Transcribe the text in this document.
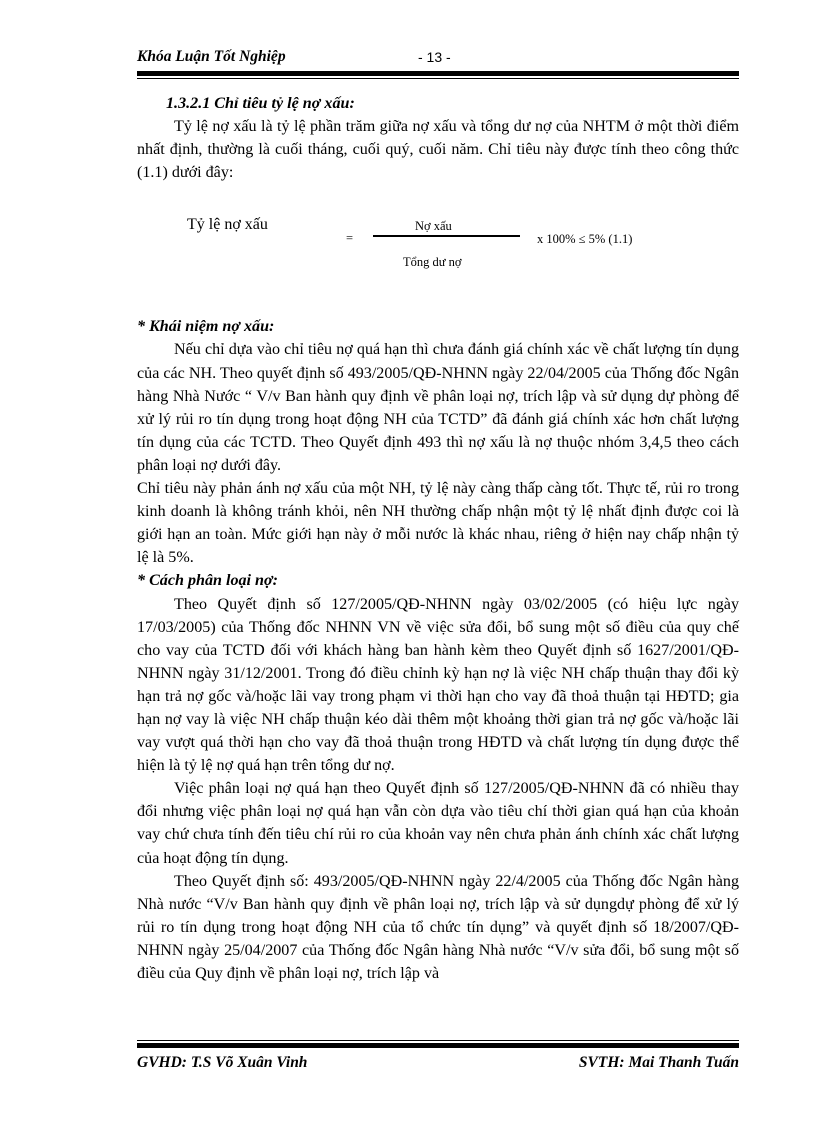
Khóa Luận Tốt Nghiệp	- 13 -
1.3.2.1 Chỉ tiêu tỷ lệ nợ xấu:

Tỷ lệ nợ xấu là tỷ lệ phần trăm giữa nợ xấu và tổng dư nợ của NHTM ở một thời điểm nhất định, thường là cuối tháng, cuối quý, cuối năm. Chỉ tiêu này được tính theo công thức (1.1) dưới đây:

Tỷ lệ nợ xấu
=
Nợ xấu
Tổng dư nợ
x 100% ≤ 5% (1.1)
* Khái niệm nợ xấu:

Nếu chỉ dựa vào chỉ tiêu nợ quá hạn thì chưa đánh giá chính xác về chất lượng tín dụng của các NH. Theo quyết định số 493/2005/QĐ-NHNN ngày 22/04/2005 của Thống đốc Ngân hàng Nhà Nước “ V/v Ban hành quy định về phân loại nợ, trích lập và sử dụng dự phòng để xử lý rủi ro tín dụng trong hoạt động NH của TCTD” đã đánh giá chính xác hơn chất lượng tín dụng của các TCTD. Theo Quyết định 493 thì nợ xấu là nợ thuộc nhóm 3,4,5 theo cách phân loại nợ dưới đây.

Chỉ tiêu này phản ánh nợ xấu của một NH, tỷ lệ này càng thấp càng tốt. Thực tế, rủi ro trong kinh doanh là không tránh khỏi, nên NH thường chấp nhận một tỷ lệ nhất định được coi là giới hạn an toàn. Mức giới hạn này ở mỗi nước là khác nhau, riêng ở hiện nay chấp nhận tỷ lệ là 5%.

* Cách phân loại nợ:

Theo Quyết định số 127/2005/QĐ-NHNN ngày 03/02/2005 (có hiệu lực ngày 17/03/2005) của Thống đốc NHNN VN về việc sửa đổi, bổ sung một số điều của quy chế cho vay của TCTD đối với khách hàng ban hành kèm theo Quyết định số 1627/2001/QĐ-NHNN ngày 31/12/2001. Trong đó điều chỉnh kỳ hạn nợ là việc NH chấp thuận thay đổi kỳ hạn trả nợ gốc và/hoặc lãi vay trong phạm vi thời hạn cho vay đã thoả thuận tại HĐTD; gia hạn nợ vay là việc NH chấp thuận kéo dài thêm một khoảng thời gian trả nợ gốc và/hoặc lãi vay vượt quá thời hạn cho vay đã thoả thuận trong HĐTD và chất lượng tín dụng được thể hiện là tỷ lệ nợ quá hạn trên tổng dư nợ.

Việc phân loại nợ quá hạn theo Quyết định số 127/2005/QĐ-NHNN đã có nhiều thay đổi nhưng việc phân loại nợ quá hạn vẫn còn dựa vào tiêu chí thời gian quá hạn của khoản vay chứ chưa tính đến tiêu chí rủi ro của khoản vay nên chưa phản ánh chính xác chất lượng của hoạt động tín dụng.

Theo Quyết định số: 493/2005/QĐ-NHNN ngày 22/4/2005 của Thống đốc Ngân hàng Nhà nước “V/v Ban hành quy định về phân loại nợ, trích lập và sử dụngdự phòng để xử lý rủi ro tín dụng trong hoạt động NH của tổ chức tín dụng” và quyết định số 18/2007/QĐ-NHNN ngày 25/04/2007 của Thống đốc Ngân hàng Nhà nước “V/v sửa đổi, bổ sung một số điều của Quy định về phân loại nợ, trích lập và

GVHD: T.S Võ Xuân Vinh	SVTH: Mai Thanh Tuấn
